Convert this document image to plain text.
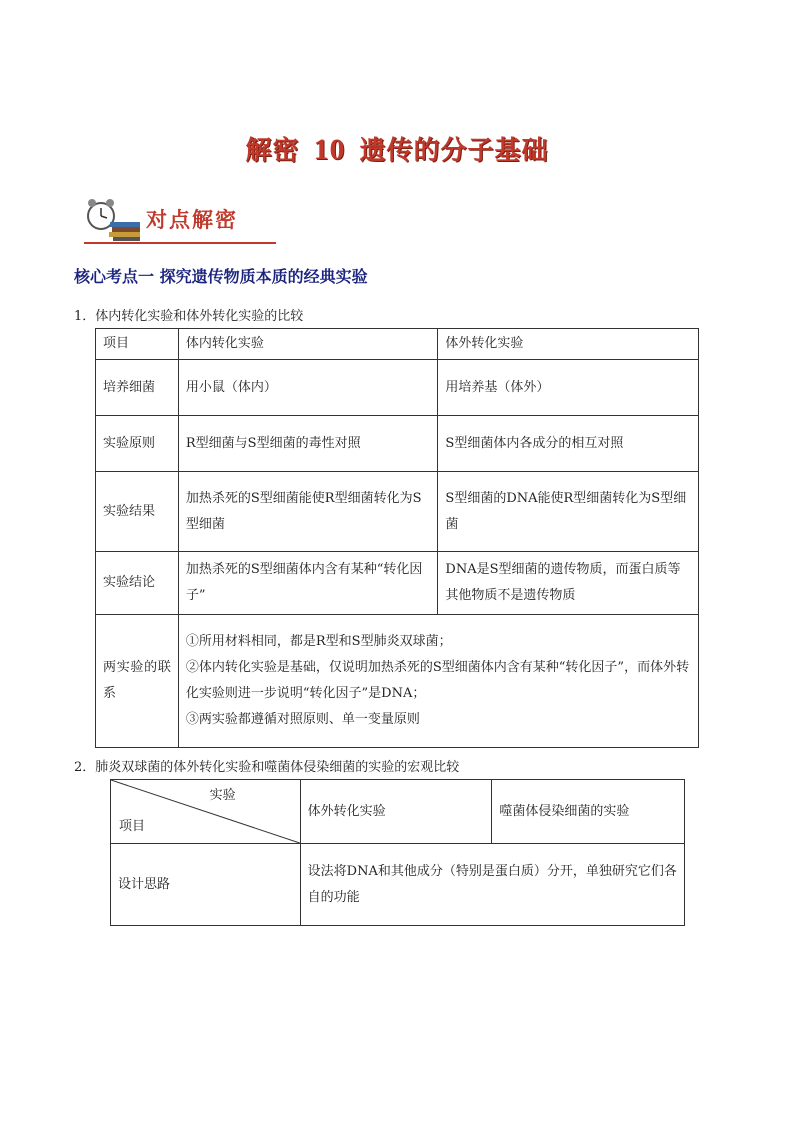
解密 10 遗传的分子基础
对点解密
核心考点一 探究遗传物质本质的经典实验
1．体内转化实验和体外转化实验的比较
项目	体内转化实验	体外转化实验
培养细菌	用小鼠（体内）	用培养基（体外）
实验原则	R型细菌与S型细菌的毒性对照	S型细菌体内各成分的相互对照
实验结果	加热杀死的S型细菌能使R型细菌转化为S型细菌	S型细菌的DNA能使R型细菌转化为S型细菌
实验结论	加热杀死的S型细菌体内含有某种“转化因子”	DNA是S型细菌的遗传物质，而蛋白质等其他物质不是遗传物质
两实验的联系	①所用材料相同，都是R型和S型肺炎双球菌；
②体内转化实验是基础，仅说明加热杀死的S型细菌体内含有某种“转化因子”，而体外转化实验则进一步说明“转化因子”是DNA；
③两实验都遵循对照原则、单一变量原则	
2．肺炎双球菌的体外转化实验和噬菌体侵染细菌的实验的宏观比较
实验
项目	体外转化实验	噬菌体侵染细菌的实验
设计思路	设法将DNA和其他成分（特别是蛋白质）分开，单独研究它们各自的功能	
